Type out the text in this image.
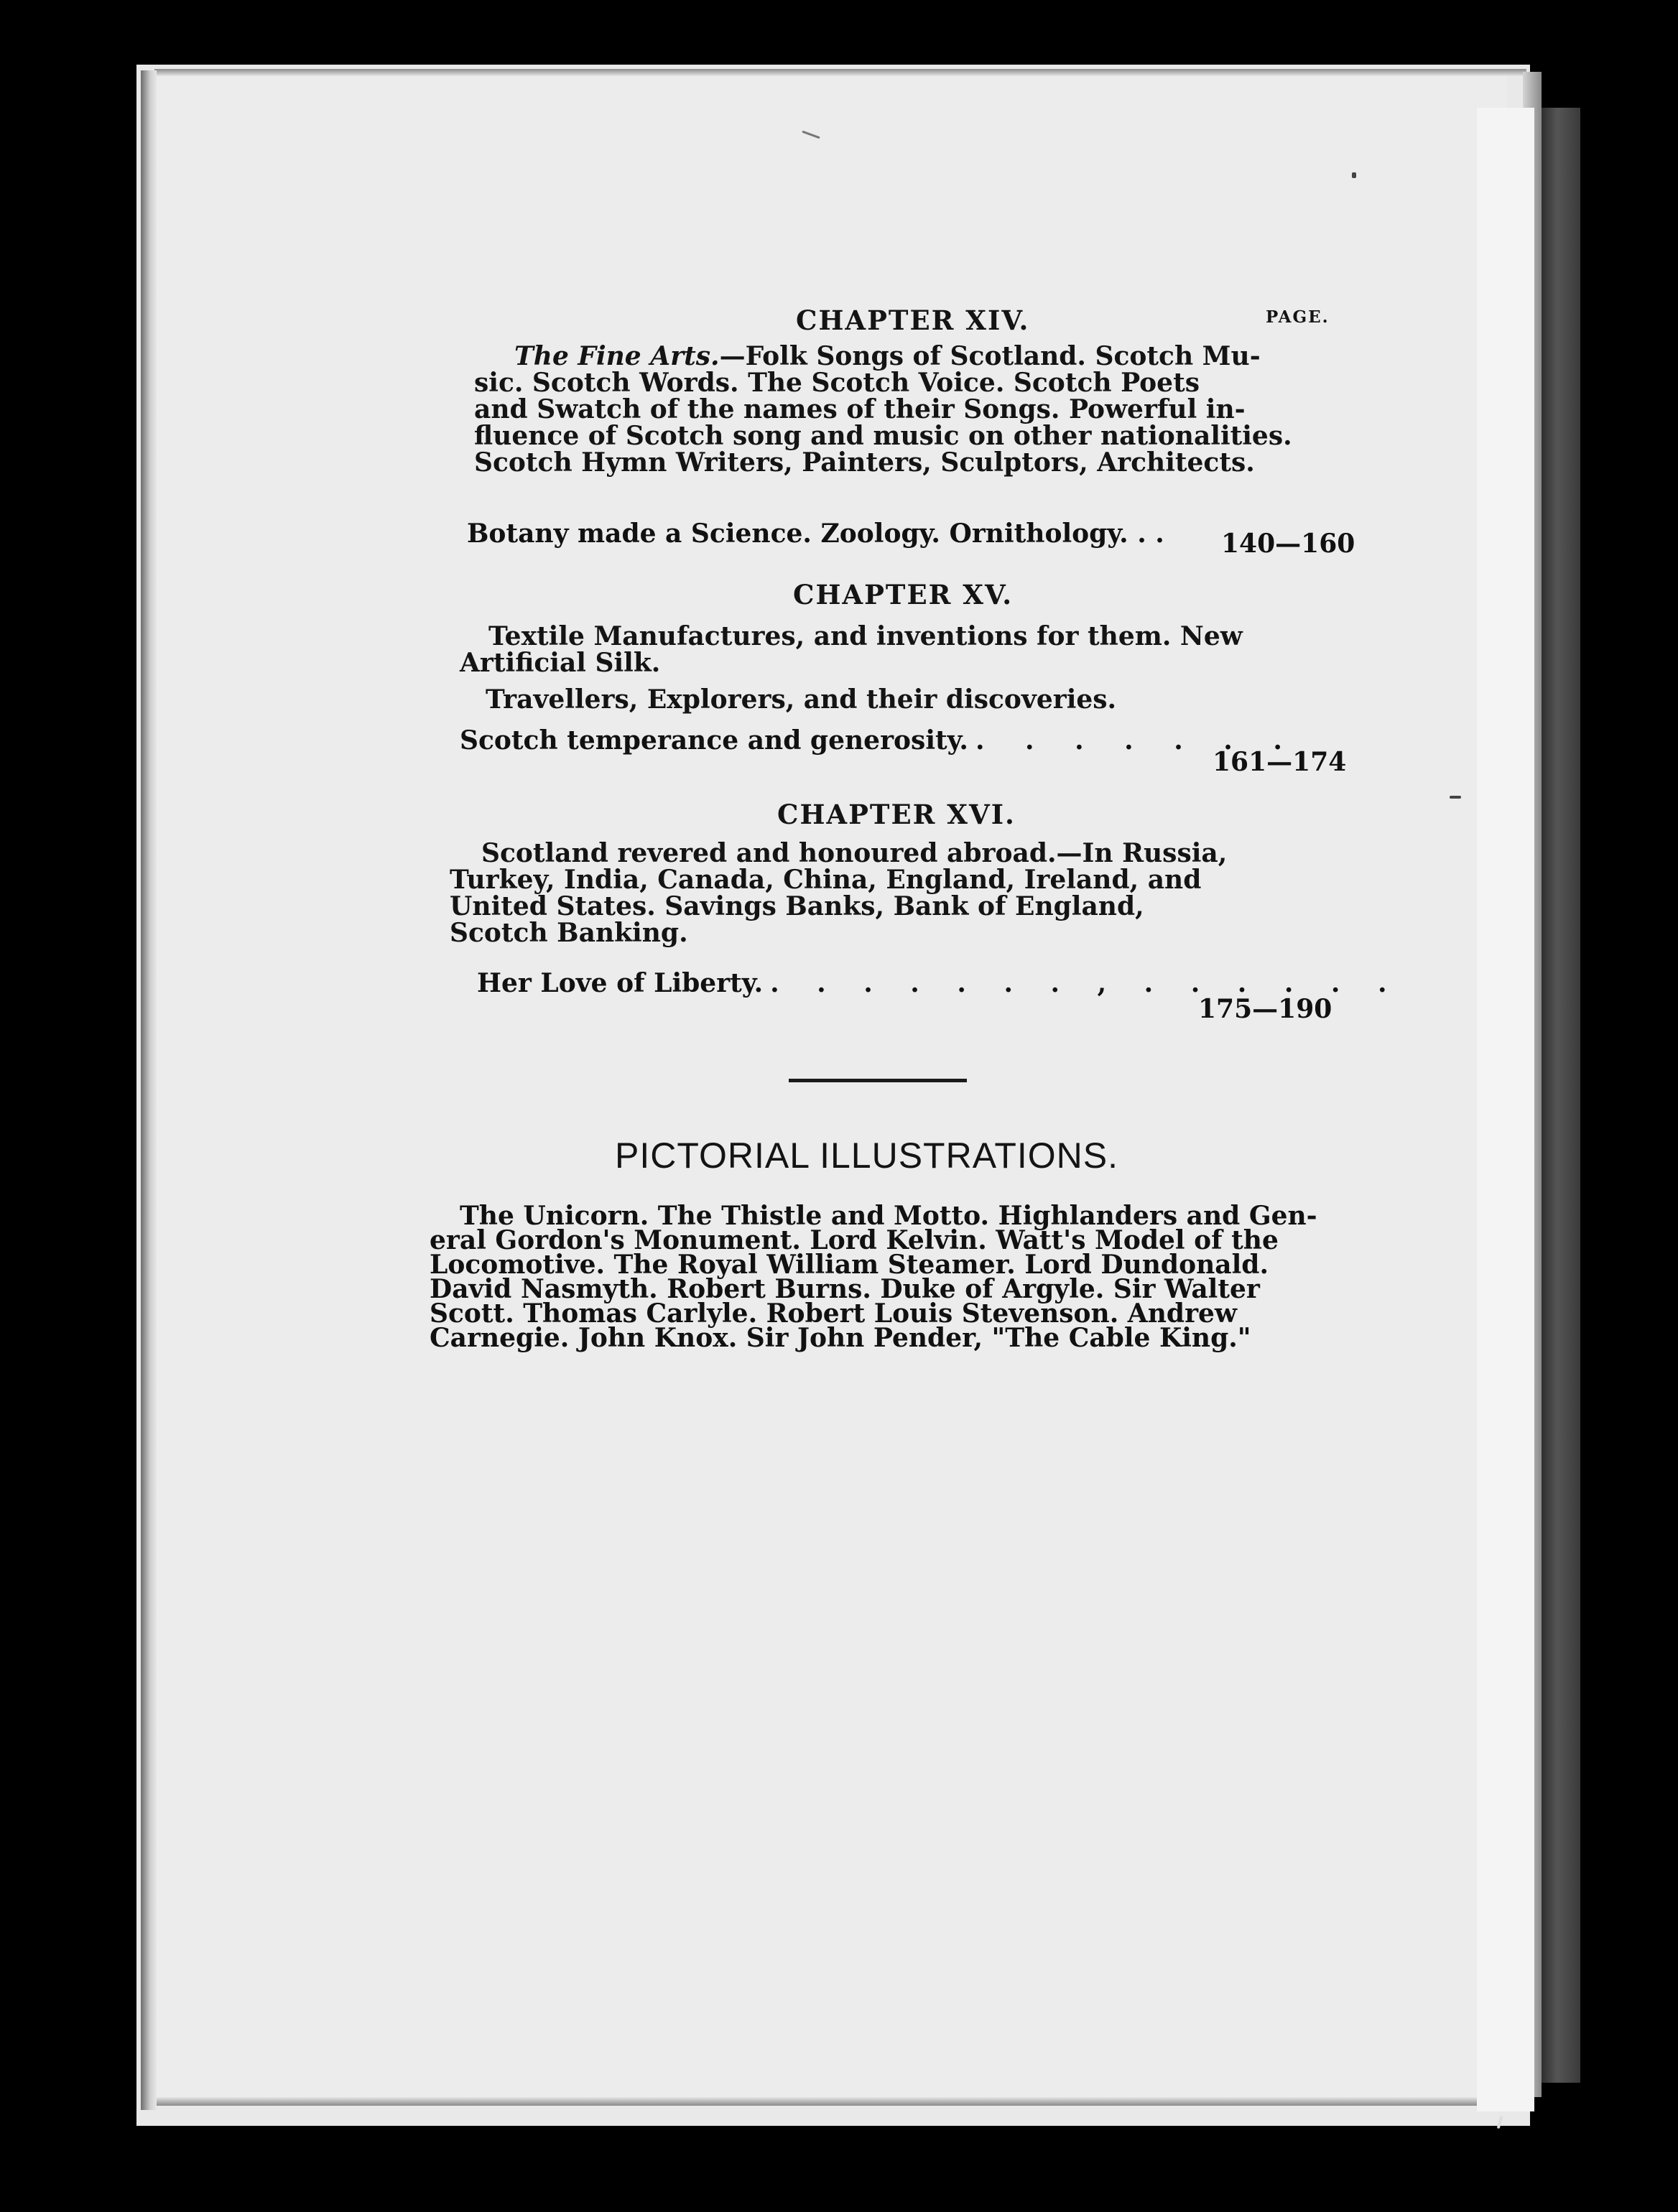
PAGE.
CHAPTER XIV.
The Fine Arts.—Folk Songs of Scotland. Scotch Mu-
sic. Scotch Words. The Scotch Voice. Scotch Poets
and Swatch of the names of their Songs. Powerful in-
fluence of Scotch song and music on other nationalities.
Scotch Hymn Writers, Painters, Sculptors, Architects.
Botany made a Science. Zoology. Ornithology. . . 140—160
CHAPTER XV.
Textile Manufactures, and inventions for them. New
Artificial Silk.
Travellers, Explorers, and their discoveries.
Scotch temperance and generosity. . . . . . . .
161—174
CHAPTER XVI.
Scotland revered and honoured abroad.—In Russia,
Turkey, India, Canada, China, England, Ireland, and
United States. Savings Banks, Bank of England,
Scotch Banking.
Her Love of Liberty. . . . . . . . , . . . . . .
175—190
PICTORIAL ILLUSTRATIONS.
The Unicorn. The Thistle and Motto. Highlanders and Gen-
eral Gordon's Monument. Lord Kelvin. Watt's Model of the
Locomotive. The Royal William Steamer. Lord Dundonald.
David Nasmyth. Robert Burns. Duke of Argyle. Sir Walter
Scott. Thomas Carlyle. Robert Louis Stevenson. Andrew
Carnegie. John Knox. Sir John Pender, "The Cable King."
